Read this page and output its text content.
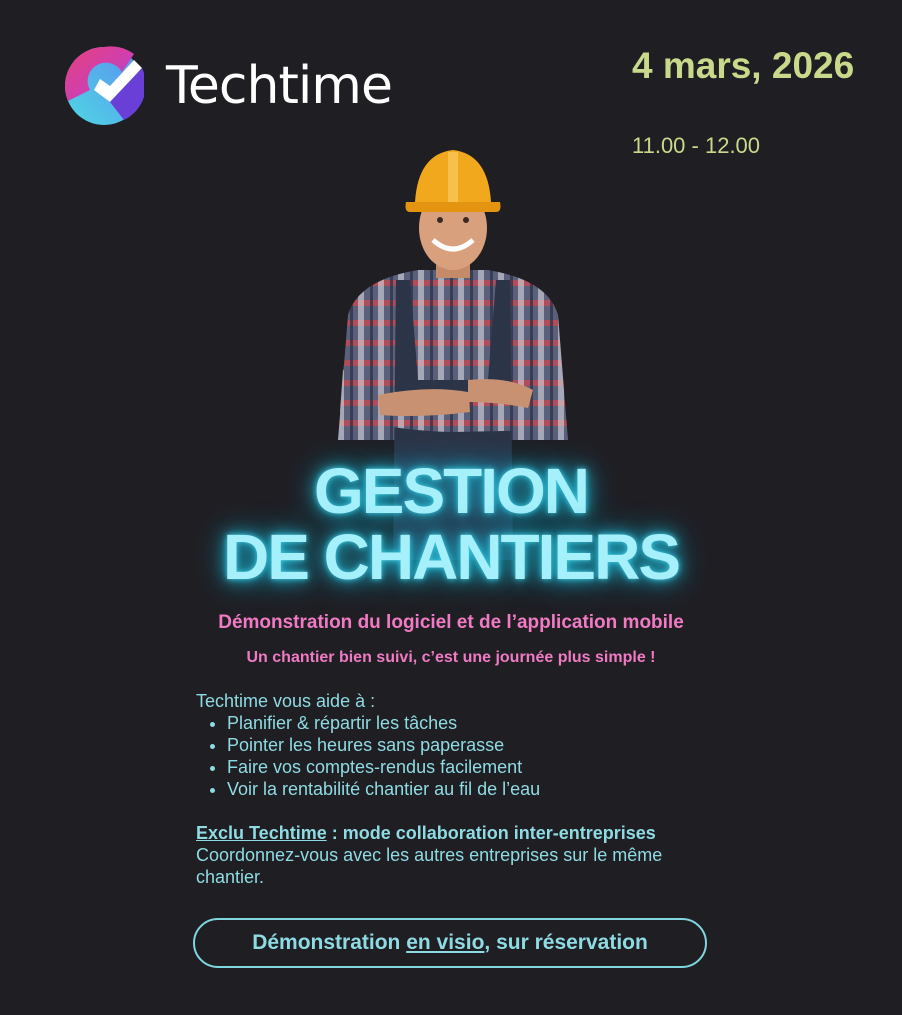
Techtime	4 mars, 2026
11.00 - 12.00
GESTION
DE CHANTIERS
Démonstration du logiciel et de l’application mobile
Un chantier bien suivi, c’est une journée plus simple !
Techtime vous aide à :
• Planifier & répartir les tâches
• Pointer les heures sans paperasse
• Faire vos comptes-rendus facilement
• Voir la rentabilité chantier au fil de l’eau
Exclu Techtime : mode collaboration inter-entreprises
Coordonnez-vous avec les autres entreprises sur le même chantier.
Démonstration en visio , sur réservation
